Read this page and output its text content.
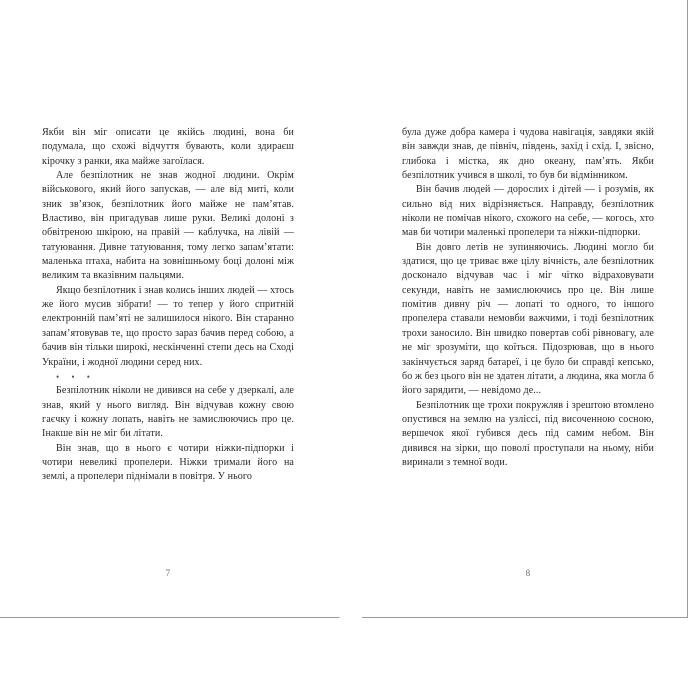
Якби він міг описати це якійсь людині, вона би подумала, що схожі відчуття бувають, коли здираєш кірочку з ранки, яка майже загоїлася.

Але безпілотник не знав жодної людини. Окрім військового, який його запускав, — але від миті, коли зник зв’язок, безпілотник його майже не пам’ятав. Властиво, він пригадував лише руки. Великі долоні з обвітреною шкірою, на правій — каблучка, на лівій — татуювання. Дивне татуювання, тому легко запам’ятати: маленька птаха, набита на зовнішньому боці долоні між великим та вказівним пальцями.

Якщо безпілотник і знав колись інших людей — хтось же його мусив зібрати! — то тепер у його спритній електронній пам’яті не залишилося нікого. Він старанно запам’ятовував те, що просто зараз бачив перед собою, а бачив він тільки широкі, нескінченні степи десь на Сході України, і жодної людини серед них.

• • •

Безпілотник ніколи не дивився на себе у дзеркалі, але знав, який у нього вигляд. Він відчував кожну свою гаєчку і кожну лопать, навіть не замислюючись про це. Інакше він не міг би літати.

Він знав, що в нього є чотири ніжки-підпорки і чотири невеликі пропелери. Ніжки тримали його на землі, а пропелери піднімали в повітря. У нього

7

була дуже добра камера і чудова навігація, завдяки якій він завжди знав, де північ, південь, захід і схід. І, звісно, глибока і містка, як дно океану, пам’ять. Якби безпілотник учився в школі, то був би відмінником.

Він бачив людей — дорослих і дітей — і розумів, як сильно від них відрізняється. Направду, безпілотник ніколи не помічав нікого, схожого на себе, — когось, хто мав би чотири маленькі пропелери та ніжки-підпорки.

Він довго летів не зупиняючись. Людині могло би здатися, що це триває вже цілу вічність, але безпілотник досконало відчував час і міг чітко відраховувати секунди, навіть не замислюючись про це. Він лише помітив дивну річ — лопаті то одного, то іншого пропелера ставали немовби важчими, і тоді безпілотник трохи заносило. Він швидко повертав собі рівновагу, але не міг зрозуміти, що коїться. Підозрював, що в нього закінчується заряд батареї, і це було би справді кепсько, бо ж без цього він не здатен літати, а людина, яка могла б його зарядити, — невідомо де...

Безпілотник ще трохи покружляв і зрештою втомлено опустився на землю на узліссі, під височенною сосною, вершечок якої губився десь під самим небом. Він дивився на зірки, що поволі проступали на ньому, ніби виринали з темної води.

8
